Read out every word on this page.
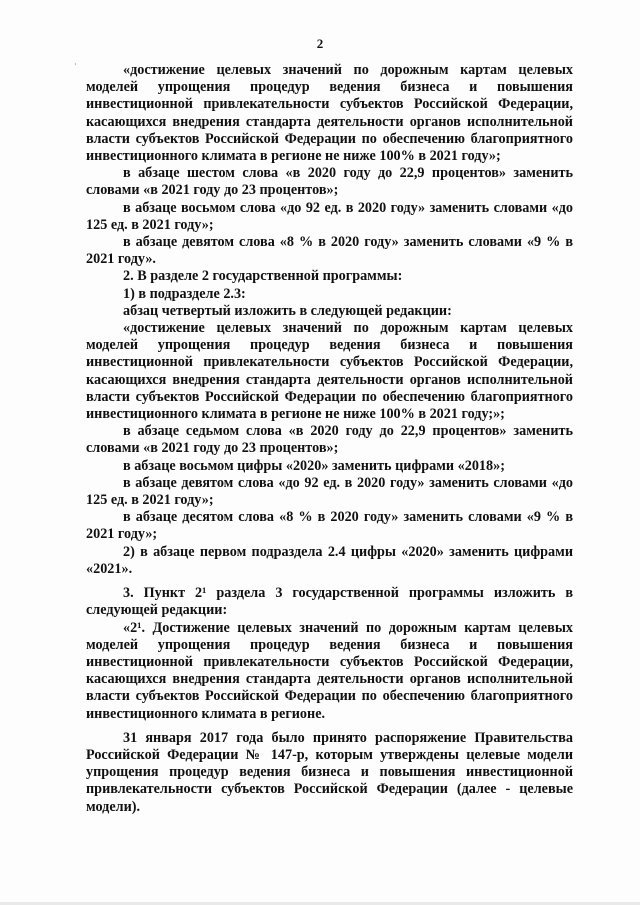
2
·	«достижение целевых значений по дорожным картам целевых моделей упрощения процедур ведения бизнеса и повышения инвестиционной привлекательности субъектов Российской Федерации, касающихся внедрения стандарта деятельности органов исполнительной власти субъектов Российской Федерации по обеспечению благоприятного инвестиционного климата в регионе не ниже 100% в 2021 году»;

в абзаце шестом слова «в 2020 году до 22,9 процентов» заменить словами «в 2021 году до 23 процентов»;

в абзаце восьмом слова «до 92 ед. в 2020 году» заменить словами «до 125 ед. в 2021 году»;

в абзаце девятом слова «8 % в 2020 году» заменить словами «9 % в 2021 году».

2. В разделе 2 государственной программы:

1) в подразделе 2.3:

абзац четвертый изложить в следующей редакции:

«достижение целевых значений по дорожным картам целевых моделей упрощения процедур ведения бизнеса и повышения инвестиционной привлекательности субъектов Российской Федерации, касающихся внедрения стандарта деятельности органов исполнительной власти субъектов Российской Федерации по обеспечению благоприятного инвестиционного климата в регионе не ниже 100% в 2021 году;»;

в абзаце седьмом слова «в 2020 году до 22,9 процентов» заменить словами «в 2021 году до 23 процентов»;

в абзаце восьмом цифры «2020» заменить цифрами «2018»;

в абзаце девятом слова «до 92 ед. в 2020 году» заменить словами «до 125 ед. в 2021 году»;

в абзаце десятом слова «8 % в 2020 году» заменить словами «9 % в 2021 году»;

2) в абзаце первом подраздела 2.4 цифры «2020» заменить цифрами «2021».

3. Пункт 2¹ раздела 3 государственной программы изложить в следующей редакции:

«2¹. Достижение целевых значений по дорожным картам целевых моделей упрощения процедур ведения бизнеса и повышения инвестиционной привлекательности субъектов Российской Федерации, касающихся внедрения стандарта деятельности органов исполнительной власти субъектов Российской Федерации по обеспечению благоприятного инвестиционного климата в регионе.

31 января 2017 года было принято распоряжение Правительства Российской Федерации № 147-р, которым утверждены целевые модели упрощения процедур ведения бизнеса и повышения инвестиционной привлекательности субъектов Российской Федерации (далее - целевые модели).
